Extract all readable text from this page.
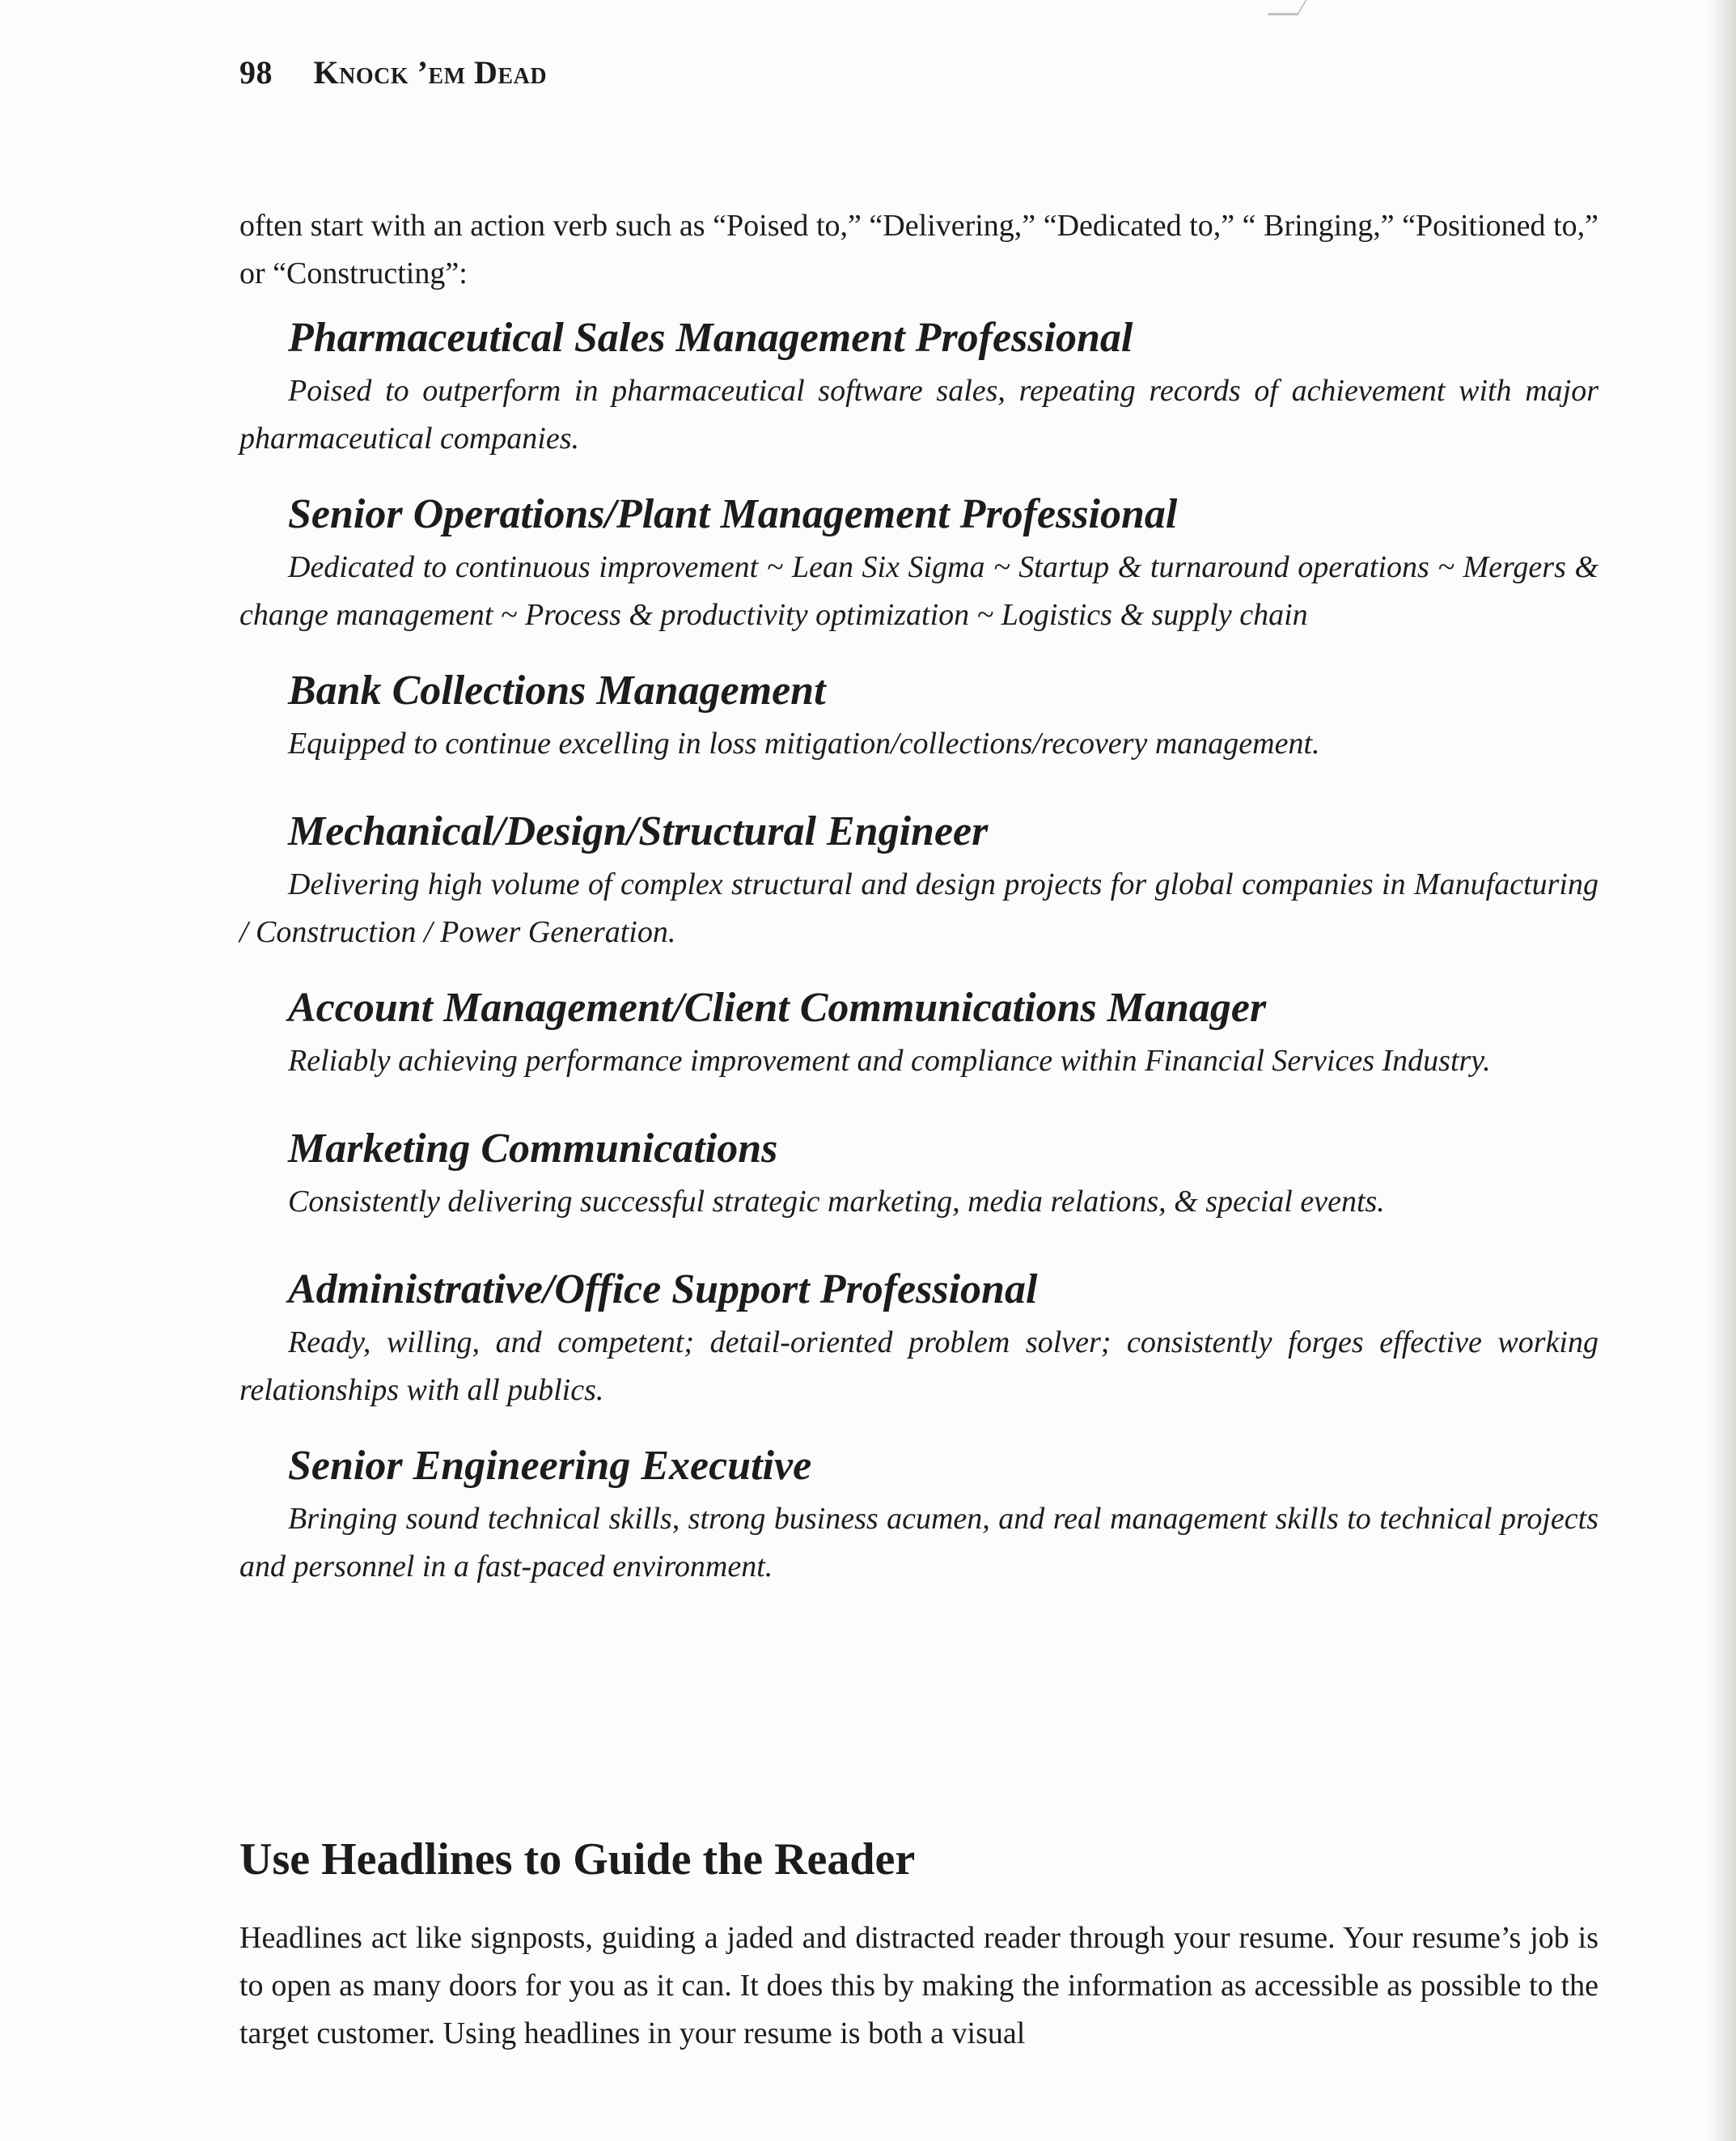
98 Knock ’em Dead

often start with an action verb such as “Poised to,” “Delivering,” “Dedicated to,” “ Bringing,” “Positioned to,” or “Constructing”:

Pharmaceutical Sales Management Professional

Poised to outperform in pharmaceutical software sales, repeating records of achievement with major pharmaceutical companies.

Senior Operations/Plant Management Professional

Dedicated to continuous improvement ~ Lean Six Sigma ~ Startup & turnaround operations ~ Mergers & change management ~ Process & productivity optimization ~ Logistics & supply chain

Bank Collections Management

Equipped to continue excelling in loss mitigation/collections/recovery management.

Mechanical/Design/Structural Engineer

Delivering high volume of complex structural and design projects for global companies in Manufacturing / Construction / Power Generation.

Account Management/Client Communications Manager

Reliably achieving performance improvement and compliance within Financial Services Industry.

Marketing Communications

Consistently delivering successful strategic marketing, media relations, & special events.

Administrative/Office Support Professional

Ready, willing, and competent; detail-oriented problem solver; consistently forges effective working relationships with all publics.

Senior Engineering Executive

Bringing sound technical skills, strong business acumen, and real management skills to technical projects and personnel in a fast-paced environment.

Use Headlines to Guide the Reader

Headlines act like signposts, guiding a jaded and distracted reader through your resume. Your resume’s job is to open as many doors for you as it can. It does this by making the information as accessible as possible to the target customer. Using headlines in your resume is both a visual
